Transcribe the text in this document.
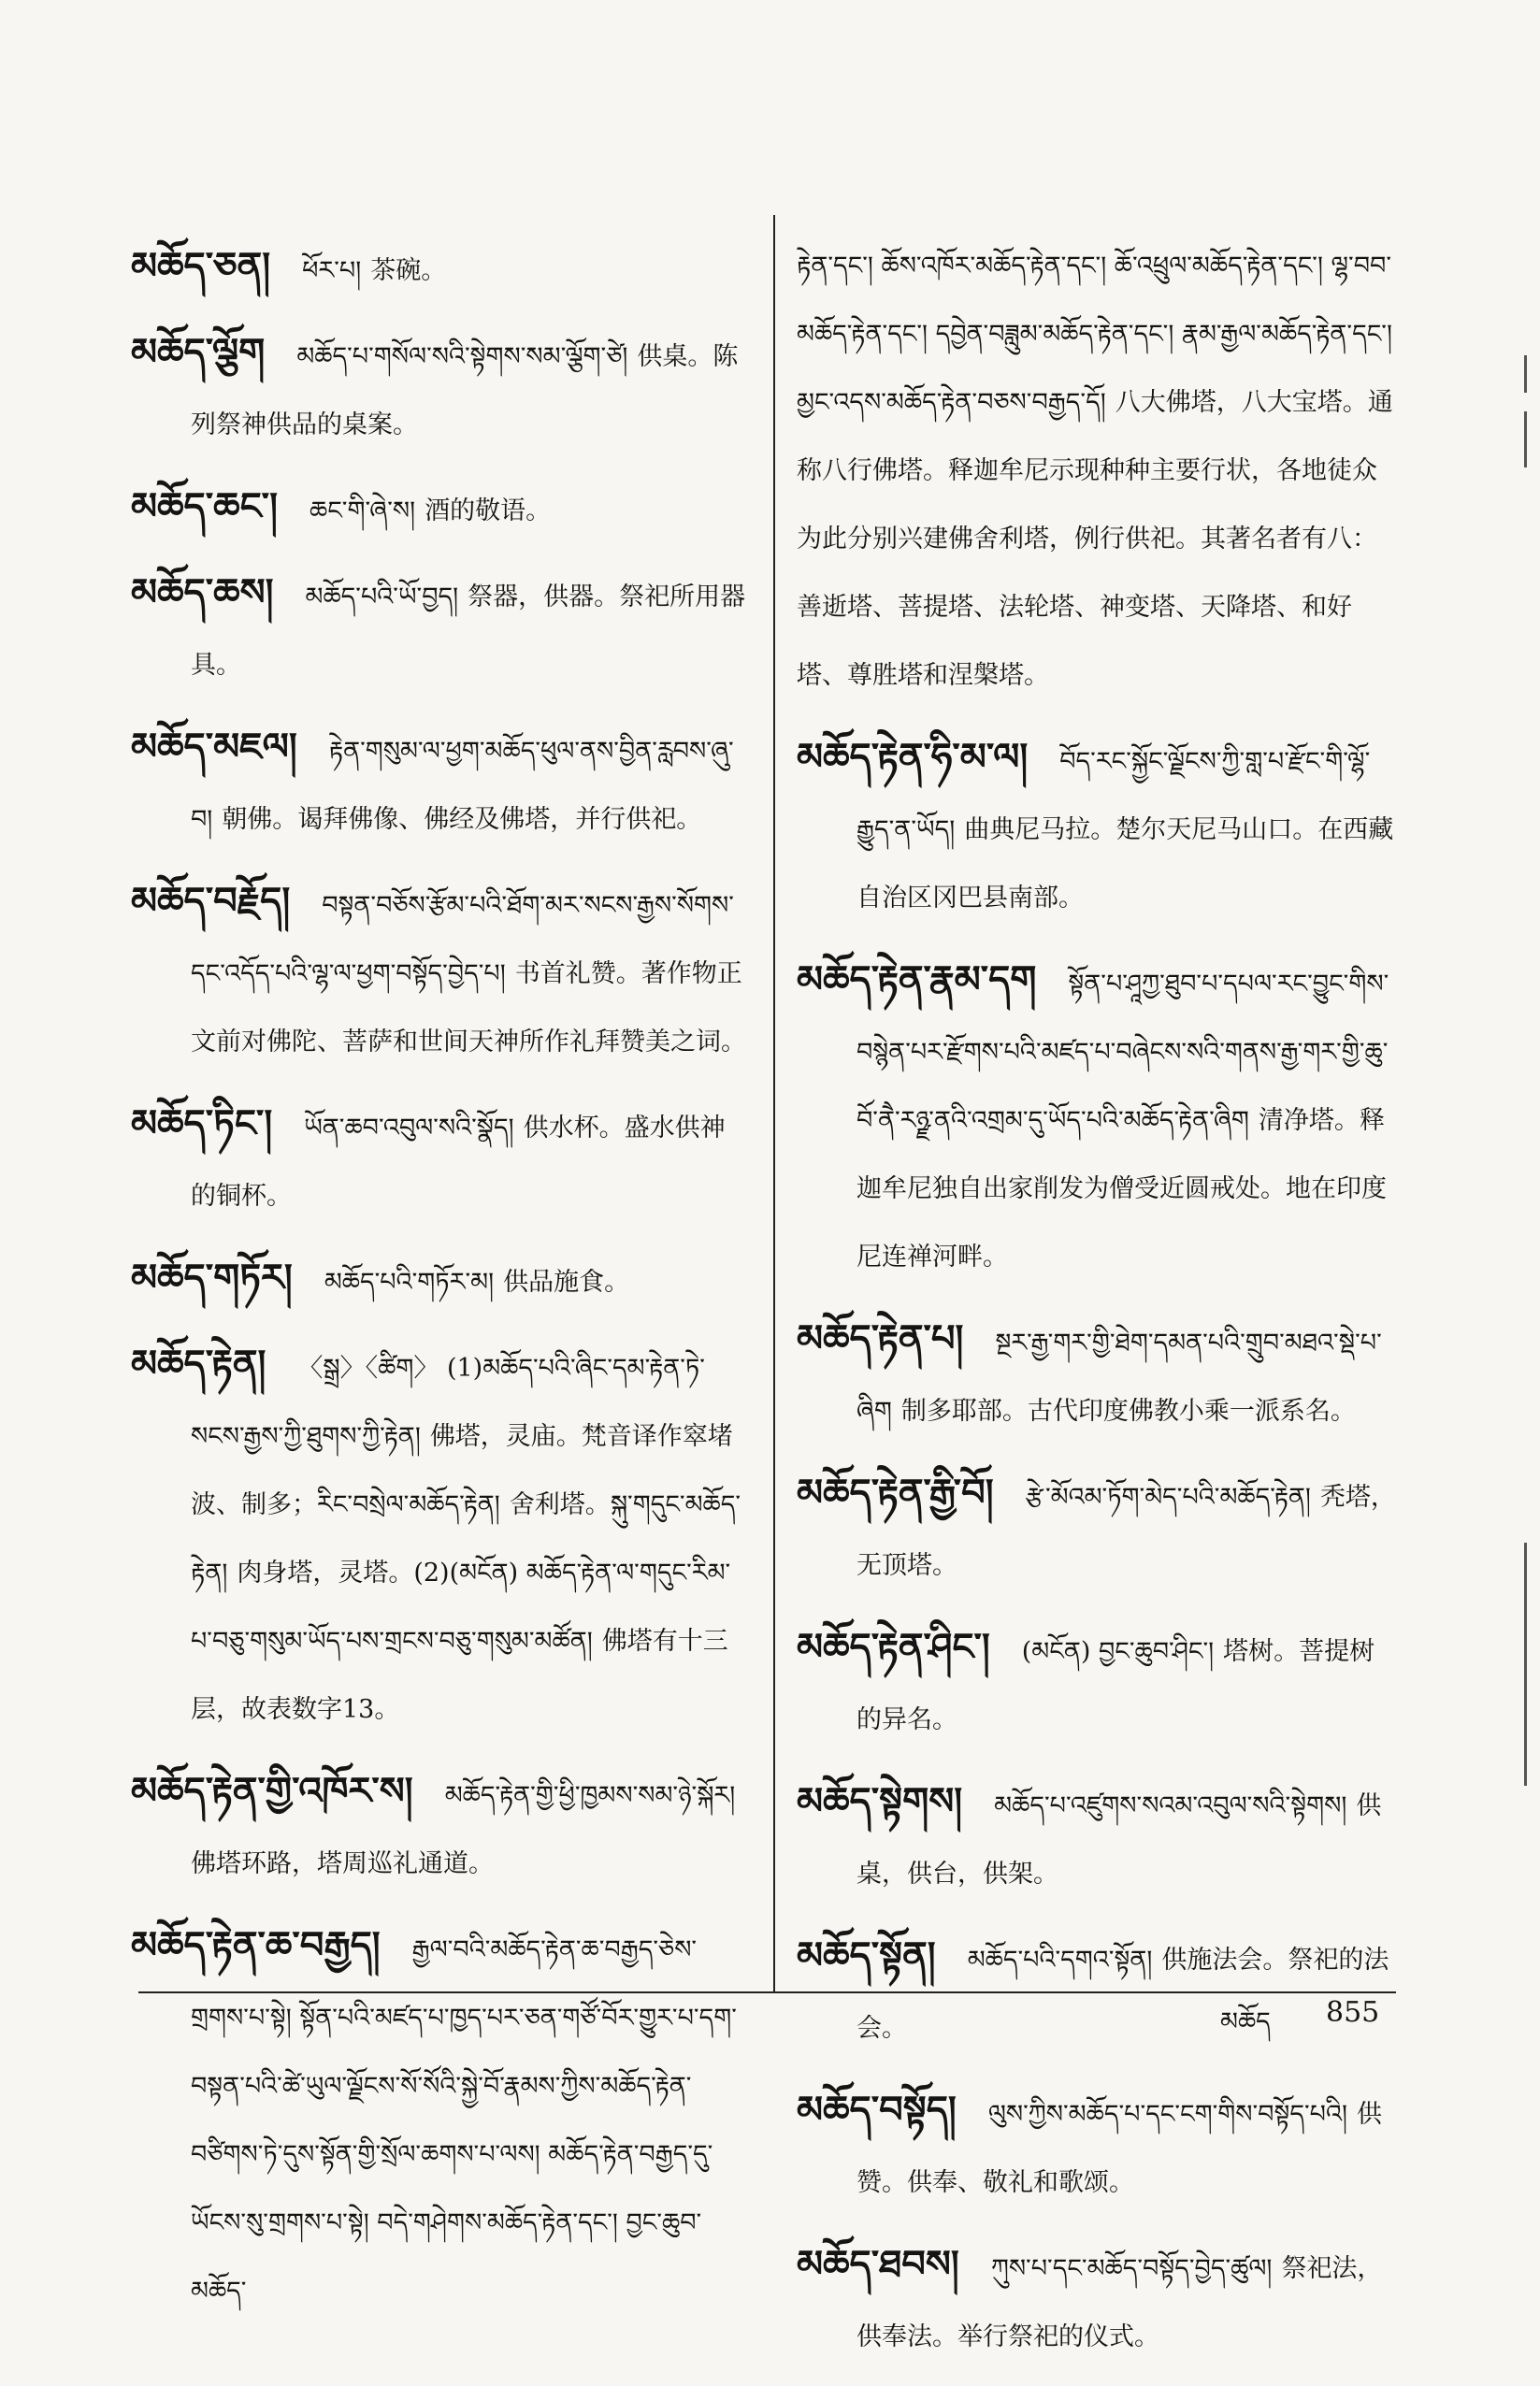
མཆོད་ཅན། ཕོར་པ། 茶碗。
མཆོད་ལྕོག མཆོད་པ་གསོལ་སའི་སྟེགས་སམ་ལྕོག་ཙེ། 供桌。陈列祭神供品的桌案。
མཆོད་ཆང་། ཆང་གི་ཞེ་ས། 酒的敬语。
མཆོད་ཆས། མཆོད་པའི་ཡོ་བྱད། 祭器，供器。祭祀所用器具。
མཆོད་མཇལ། རྟེན་གསུམ་ལ་ཕྱག་མཆོད་ཕུལ་ནས་བྱིན་རླབས་ཞུ་བ། 朝佛。谒拜佛像、佛经及佛塔，并行供祀。
མཆོད་བརྗོད། བསྟན་བཅོས་རྩོམ་པའི་ཐོག་མར་སངས་རྒྱས་སོགས་དང་འདོད་པའི་ལྷ་ལ་ཕྱག་བསྟོད་བྱེད་པ། 书首礼赞。著作物正文前对佛陀、菩萨和世间天神所作礼拜赞美之词。
མཆོད་ཏིང་། ཡོན་ཆབ་འབུལ་སའི་སྣོད། 供水杯。盛水供神的铜杯。
མཆོད་གཏོར། མཆོད་པའི་གཏོར་མ། 供品施食。
མཆོད་རྟེན། 〈སྒྲ〉〈ཚིག〉 (1)མཆོད་པའི་ཞིང་དམ་རྟེན་ཏེ་སངས་རྒྱས་ཀྱི་ཐུགས་ཀྱི་རྟེན། 佛塔，灵庙。梵音译作窣堵波、制多；རིང་བསྲེལ་མཆོད་རྟེན། 舍利塔。སྐུ་གདུང་མཆོད་རྟེན། 肉身塔，灵塔。(2)(མངོན) མཆོད་རྟེན་ལ་གདུང་རིམ་པ་བཅུ་གསུམ་ཡོད་པས་གྲངས་བཅུ་གསུམ་མཚོན། 佛塔有十三层，故表数字13。
མཆོད་རྟེན་གྱི་འཁོར་ས། མཆོད་རྟེན་གྱི་ཕྱི་ཁྱམས་སམ་ཉེ་སྐོར།佛塔环路，塔周巡礼通道。
མཆོད་རྟེན་ཆ་བརྒྱད། རྒྱལ་བའི་མཆོད་རྟེན་ཆ་བརྒྱད་ཅེས་གྲགས་པ་སྟེ། སྟོན་པའི་མཛད་པ་ཁྱད་པར་ཅན་གཙོ་བོར་གྱུར་པ་དག་བསྟན་པའི་ཚེ་ཡུལ་ལྗོངས་སོ་སོའི་སྐྱེ་བོ་རྣམས་ཀྱིས་མཆོད་རྟེན་བཙིགས་ཏེ་དུས་སྟོན་གྱི་སྲོལ་ཆགས་པ་ལས། མཆོད་རྟེན་བརྒྱད་དུ་ཡོངས་སུ་གྲགས་པ་སྟེ། བདེ་གཤེགས་མཆོད་རྟེན་དང་། བྱང་ཆུབ་མཆོད་
རྟེན་དང་། ཆོས་འཁོར་མཆོད་རྟེན་དང་། ཆོ་འཕྲུལ་མཆོད་རྟེན་དང་། ལྷ་བབ་མཆོད་རྟེན་དང་། དབྱེན་བཟླུམ་མཆོད་རྟེན་དང་། རྣམ་རྒྱལ་མཆོད་རྟེན་དང་། མྱང་འདས་མཆོད་རྟེན་བཅས་བརྒྱད་དོ། 八大佛塔，八大宝塔。通称八行佛塔。释迦牟尼示现种种主要行状，各地徒众为此分别兴建佛舍利塔，例行供祀。其著名者有八：善逝塔、菩提塔、法轮塔、神变塔、天降塔、和好塔、尊胜塔和涅槃塔。
མཆོད་རྟེན་ཧི་མ་ལ། བོད་རང་སྐྱོང་ལྗོངས་ཀྱི་གླ་པ་རྫོང་གི་ལྷོ་རྒྱུད་ན་ཡོད། 曲典尼马拉。楚尔天尼马山口。在西藏自治区冈巴县南部。
མཆོད་རྟེན་རྣམ་དག སྟོན་པ་ཤཱཀྱ་ཐུབ་པ་དཔལ་རང་བྱུང་གིས་བསྙེན་པར་རྫོགས་པའི་མཛད་པ་བཞེངས་སའི་གནས་རྒྱ་གར་གྱི་ཆུ་བོ་ནཻ་རཉྫ་ནའི་འགྲམ་དུ་ཡོད་པའི་མཆོད་རྟེན་ཞིག 清净塔。释迦牟尼独自出家削发为僧受近圆戒处。地在印度尼连禅河畔。
མཆོད་རྟེན་པ། སྔར་རྒྱ་གར་གྱི་ཐེག་དམན་པའི་གྲུབ་མཐའ་སྡེ་པ་ཞིག 制多耶部。古代印度佛教小乘一派系名。
མཆོད་རྟེན་རྒྱི་བོ། རྩེ་མོའམ་ཏོག་མེད་པའི་མཆོད་རྟེན། 秃塔，无顶塔。
མཆོད་རྟེན་ཤིང་། (མངོན) བྱང་ཆུབ་ཤིང་། 塔树。菩提树的异名。
མཆོད་སྟེགས། མཆོད་པ་འཛུགས་སའམ་འབུལ་སའི་སྟེགས། 供桌，供台，供架。
མཆོད་སྟོན། མཆོད་པའི་དགའ་སྟོན། 供施法会。祭祀的法会。
མཆོད་བསྟོད། ལུས་ཀྱིས་མཆོད་པ་དང་ངག་གིས་བསྟོད་པའི། 供赞。供奉、敬礼和歌颂。
མཆོད་ཐབས། ཀུས་པ་དང་མཆོད་བསྟོད་བྱེད་ཚུལ། 祭祀法，供奉法。举行祭祀的仪式。
མཆོད 855
